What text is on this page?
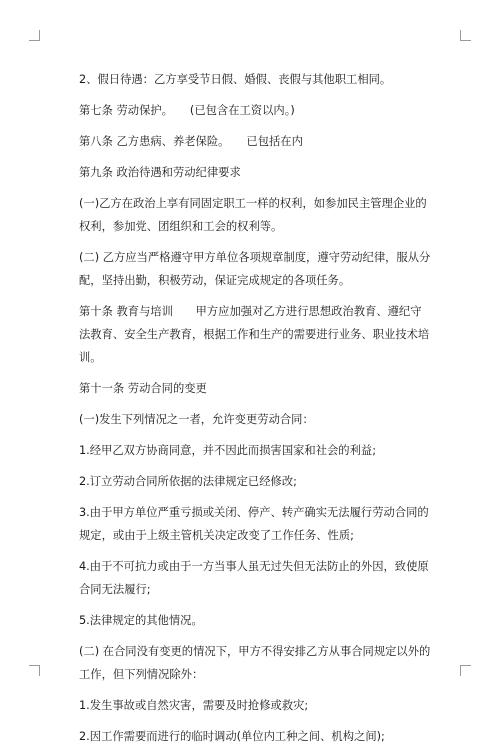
2、假日待遇：乙方享受节日假、婚假、丧假与其他职工相同。

第七条 劳动保护。　　(已包含在工资以内。)

第八条 乙方患病、养老保险。　　已包括在内

第九条 政治待遇和劳动纪律要求

(一)乙方在政治上享有同固定职工一样的权利，如参加民主管理企业的权利，参加党、团组织和工会的权利等。

(二) 乙方应当严格遵守甲方单位各项规章制度，遵守劳动纪律，服从分配，坚持出勤，积极劳动，保证完成规定的各项任务。

第十条 教育与培训　　甲方应加强对乙方进行思想政治教育、遵纪守法教育、安全生产教育，根据工作和生产的需要进行业务、职业技术培训。

第十一条 劳动合同的变更

(一)发生下列情况之一者，允许变更劳动合同：

1.经甲乙双方协商同意，并不因此而损害国家和社会的利益;

2.订立劳动合同所依据的法律规定已经修改;

3.由于甲方单位严重亏损或关闭、停产、转产确实无法履行劳动合同的规定，或由于上级主管机关决定改变了工作任务、性质;

4.由于不可抗力或由于一方当事人虽无过失但无法防止的外因，致使原合同无法履行;

5.法律规定的其他情况。

(二) 在合同没有变更的情况下，甲方不得安排乙方从事合同规定以外的工作，但下列情况除外：

1.发生事故或自然灾害，需要及时抢修或救灾;

2.因工作需要而进行的临时调动(单位内工种之间、机构之间);
